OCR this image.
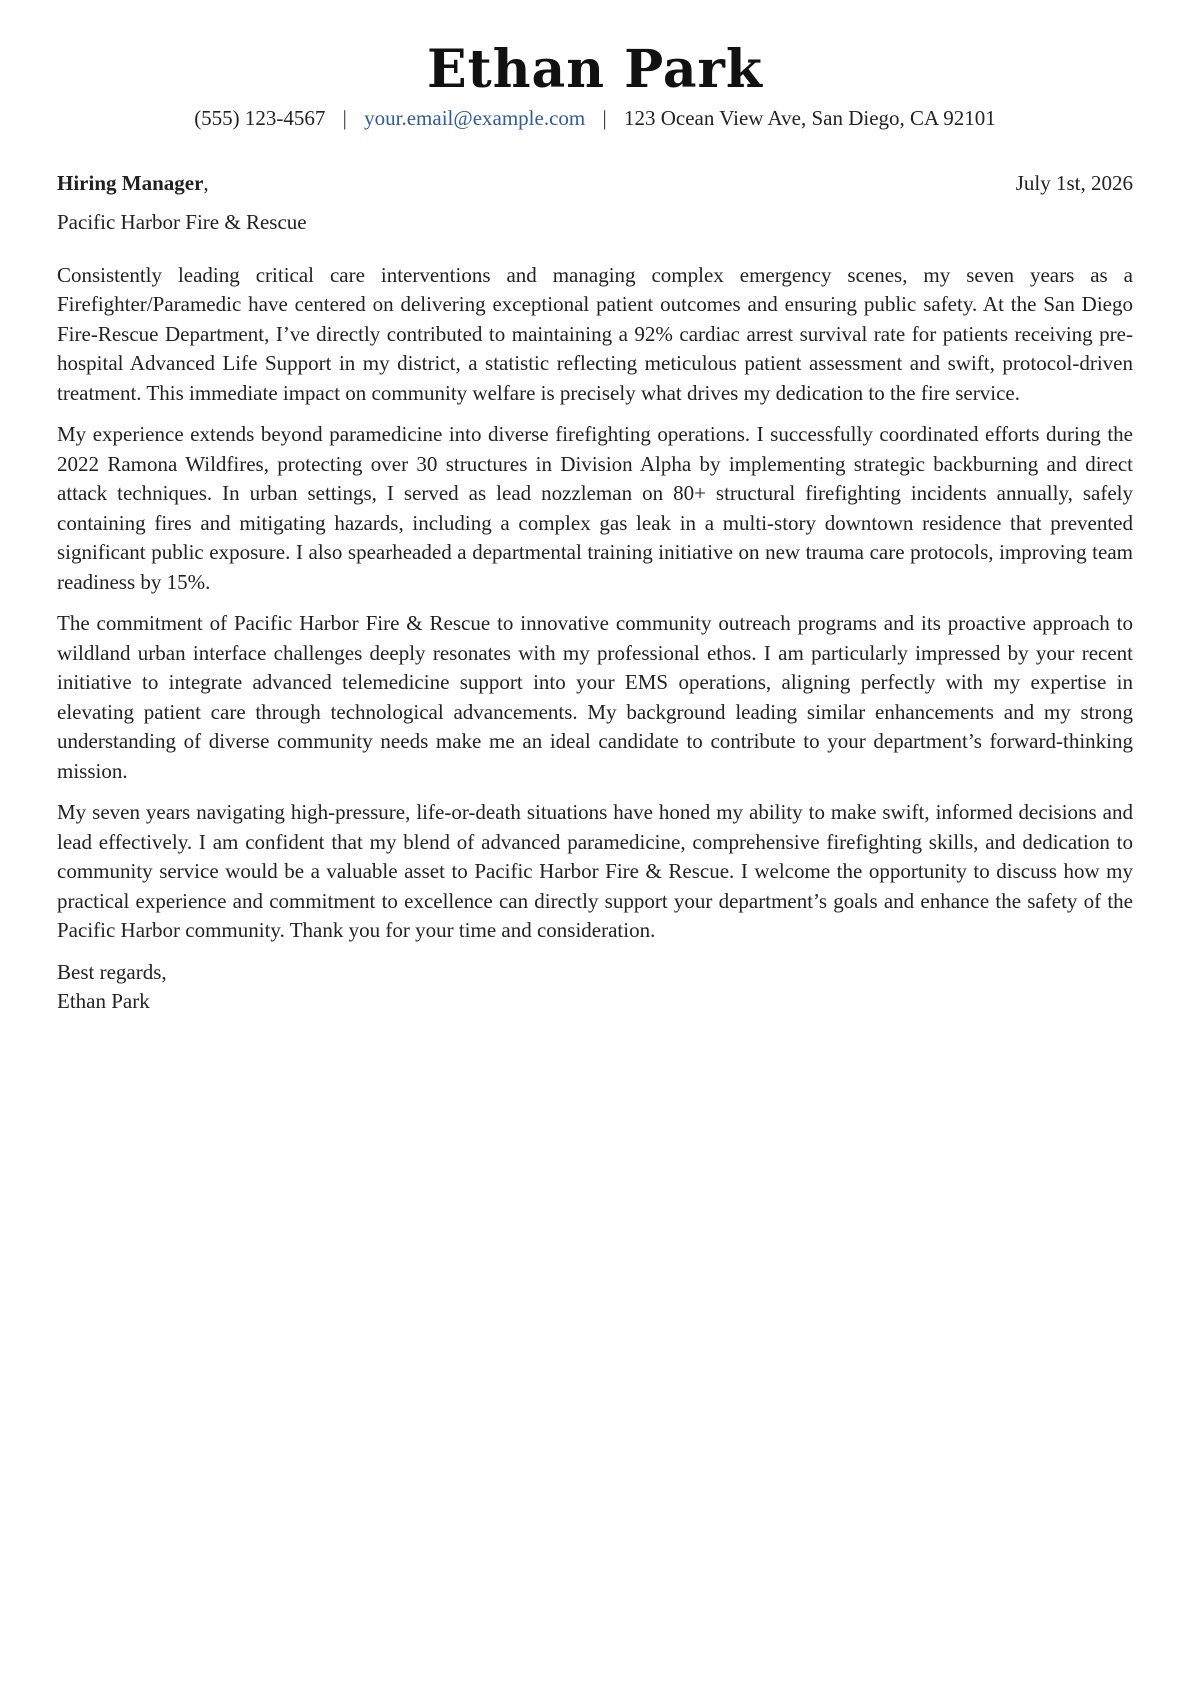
Ethan Park
(555) 123-4567 | your.email@example.com | 123 Ocean View Ave, San Diego, CA 92101
Hiring Manager,	July 1st, 2026
Pacific Harbor Fire & Rescue

Consistently leading critical care interventions and managing complex emergency scenes, my seven years as a Firefighter/Paramedic have centered on delivering exceptional patient outcomes and ensuring public safety. At the San Diego Fire-Rescue Department, I’ve directly contributed to maintaining a 92% cardiac arrest survival rate for patients receiving pre-hospital Advanced Life Support in my district, a statistic reflecting meticulous patient assessment and swift, protocol-driven treatment. This immediate impact on community welfare is precisely what drives my dedication to the fire service.

My experience extends beyond paramedicine into diverse firefighting operations. I successfully coordinated efforts during the 2022 Ramona Wildfires, protecting over 30 structures in Division Alpha by implementing strategic backburning and direct attack techniques. In urban settings, I served as lead nozzleman on 80+ structural firefighting incidents annually, safely containing fires and mitigating hazards, including a complex gas leak in a multi-story downtown residence that prevented significant public exposure. I also spearheaded a departmental training initiative on new trauma care protocols, improving team readiness by 15%.

The commitment of Pacific Harbor Fire & Rescue to innovative community outreach programs and its proactive approach to wildland urban interface challenges deeply resonates with my professional ethos. I am particularly impressed by your recent initiative to integrate advanced telemedicine support into your EMS operations, aligning perfectly with my expertise in elevating patient care through technological advancements. My background leading similar enhancements and my strong understanding of diverse community needs make me an ideal candidate to contribute to your department’s forward-thinking mission.

My seven years navigating high-pressure, life-or-death situations have honed my ability to make swift, informed decisions and lead effectively. I am confident that my blend of advanced paramedicine, comprehensive firefighting skills, and dedication to community service would be a valuable asset to Pacific Harbor Fire & Rescue. I welcome the opportunity to discuss how my practical experience and commitment to excellence can directly support your department’s goals and enhance the safety of the Pacific Harbor community. Thank you for your time and consideration.

Best regards,
Ethan Park
